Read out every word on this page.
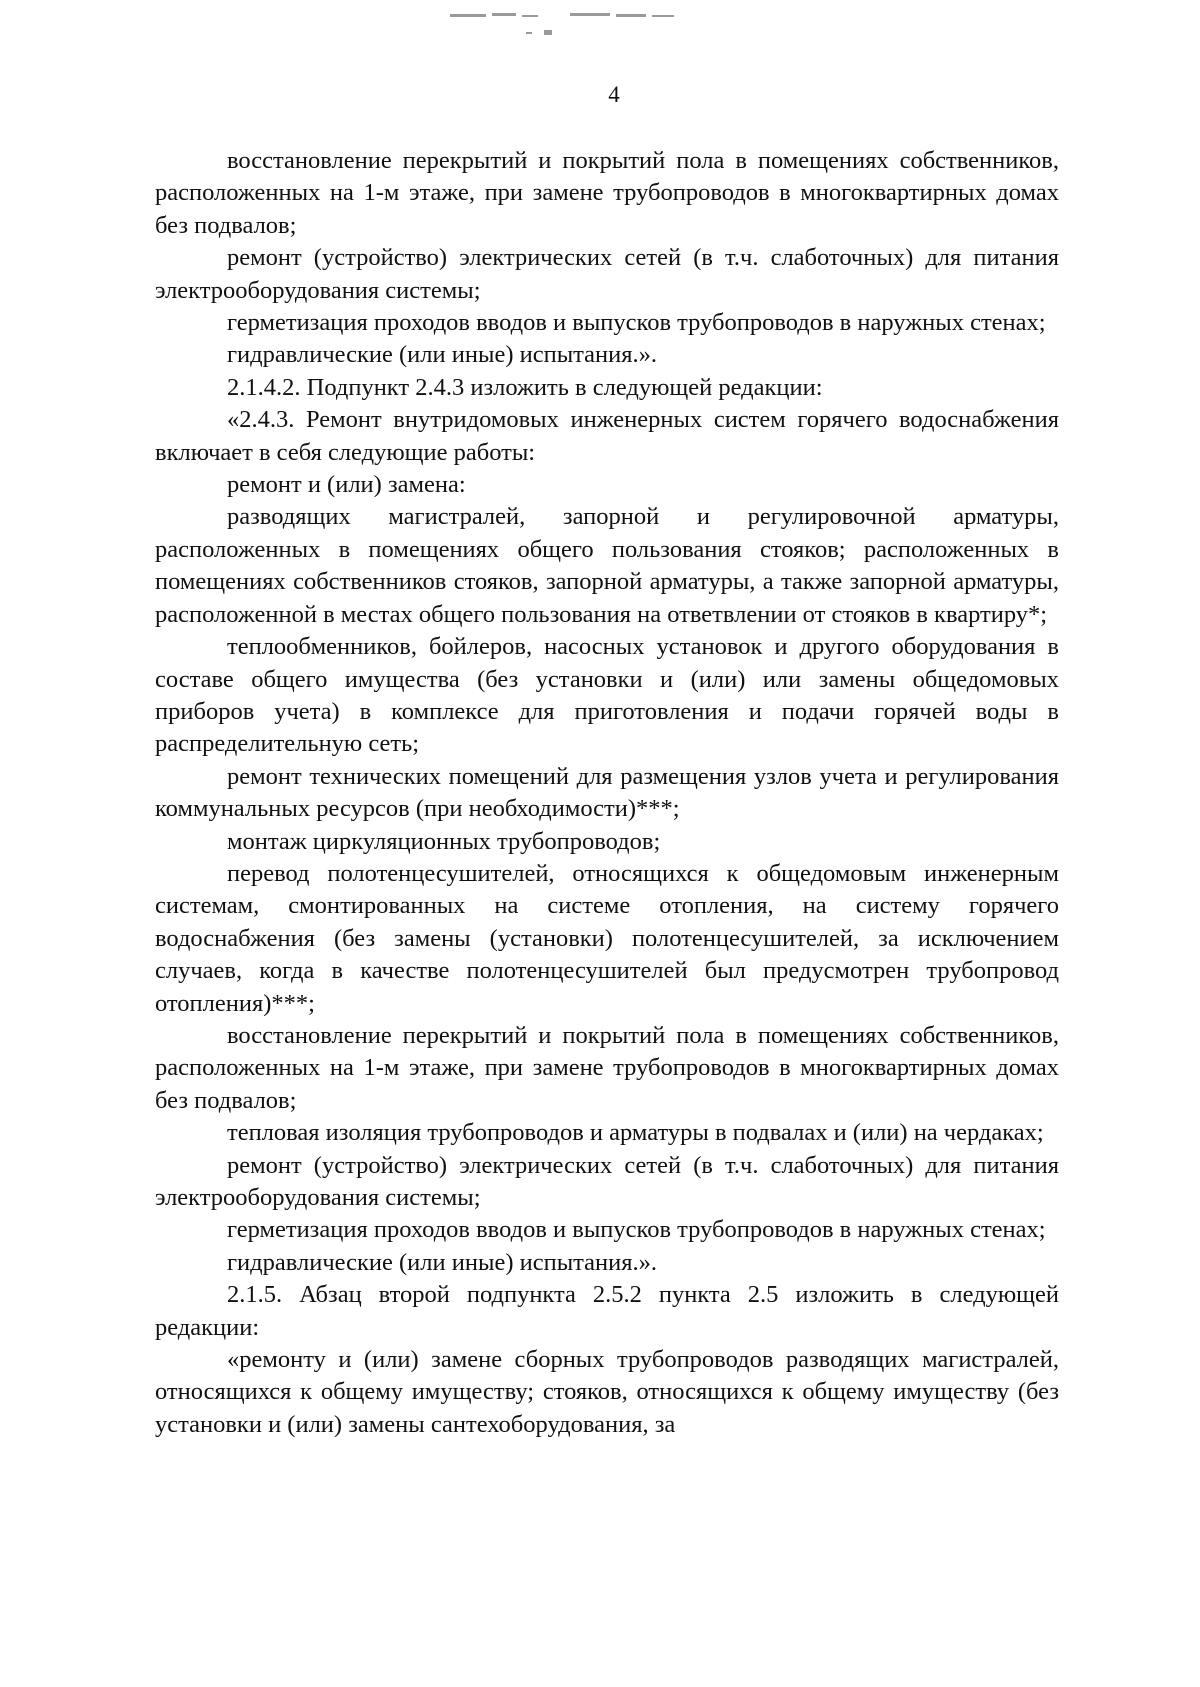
4

восстановление перекрытий и покрытий пола в помещениях собственников, расположенных на 1-м этаже, при замене трубопроводов в многоквартирных домах без подвалов;

ремонт (устройство) электрических сетей (в т.ч. слаботочных) для питания электрооборудования системы;

герметизация проходов вводов и выпусков трубопроводов в наружных стенах;

гидравлические (или иные) испытания.».

2.1.4.2. Подпункт 2.4.3 изложить в следующей редакции:

«2.4.3. Ремонт внутридомовых инженерных систем горячего водоснабжения включает в себя следующие работы:

ремонт и (или) замена:

разводящих магистралей, запорной и регулировочной арматуры, расположенных в помещениях общего пользования стояков; расположенных в помещениях собственников стояков, запорной арматуры, а также запорной арматуры, расположенной в местах общего пользования на ответвлении от стояков в квартиру*;

теплообменников, бойлеров, насосных установок и другого оборудования в составе общего имущества (без установки и (или) или замены общедомовых приборов учета) в комплексе для приготовления и подачи горячей воды в распределительную сеть;

ремонт технических помещений для размещения узлов учета и регулирования коммунальных ресурсов (при необходимости)***;

монтаж циркуляционных трубопроводов;

перевод полотенцесушителей, относящихся к общедомовым инженерным системам, смонтированных на системе отопления, на систему горячего водоснабжения (без замены (установки) полотенцесушителей, за исключением случаев, когда в качестве полотенцесушителей был предусмотрен трубопровод отопления)***;

восстановление перекрытий и покрытий пола в помещениях собственников, расположенных на 1-м этаже, при замене трубопроводов в многоквартирных домах без подвалов;

тепловая изоляция трубопроводов и арматуры в подвалах и (или) на чердаках;

ремонт (устройство) электрических сетей (в т.ч. слаботочных) для питания электрооборудования системы;

герметизация проходов вводов и выпусков трубопроводов в наружных стенах;

гидравлические (или иные) испытания.».

2.1.5. Абзац второй подпункта 2.5.2 пункта 2.5 изложить в следующей редакции:

«ремонту и (или) замене сборных трубопроводов разводящих магистралей, относящихся к общему имуществу; стояков, относящихся к общему имуществу (без установки и (или) замены сантехоборудования, за
